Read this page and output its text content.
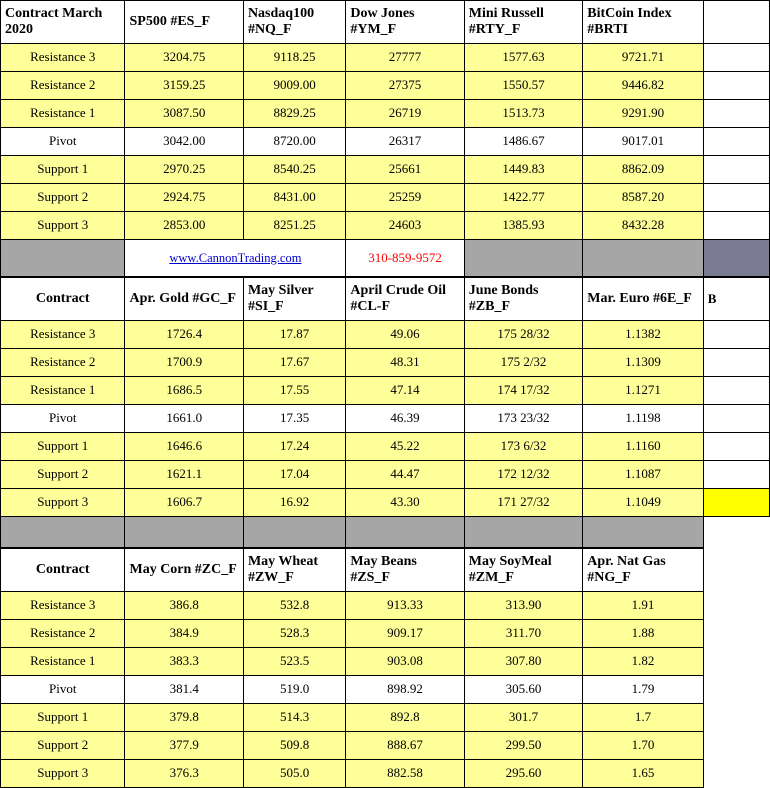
Contract March 2020	SP500 #ES_F	Nasdaq100 #NQ_F	Dow Jones #YM_F	Mini Russell #RTY_F	BitCoin Index #BRTI	
Resistance 3	3204.75	9118.25	27777	1577.63	9721.71	
Resistance 2	3159.25	9009.00	27375	1550.57	9446.82	
Resistance 1	3087.50	8829.25	26719	1513.73	9291.90	
Pivot	3042.00	8720.00	26317	1486.67	9017.01	
Support 1	2970.25	8540.25	25661	1449.83	8862.09	
Support 2	2924.75	8431.00	25259	1422.77	8587.20	
Support 3	2853.00	8251.25	24603	1385.93	8432.28	
	www.CannonTrading.com		310-859-9572			
Contract	Apr. Gold #GC_F	May Silver #SI_F	April Crude Oil #CL-F	June Bonds #ZB_F	Mar. Euro #6E_F	B
Resistance 3	1726.4	17.87	49.06	175 28/32	1.1382	
Resistance 2	1700.9	17.67	48.31	175 2/32	1.1309	
Resistance 1	1686.5	17.55	47.14	174 17/32	1.1271	
Pivot	1661.0	17.35	46.39	173 23/32	1.1198	
Support 1	1646.6	17.24	45.22	173 6/32	1.1160	
Support 2	1621.1	17.04	44.47	172 12/32	1.1087	
Support 3	1606.7	16.92	43.30	171 27/32	1.1049	

Contract	May Corn #ZC_F	May Wheat #ZW_F	May Beans #ZS_F	May SoyMeal #ZM_F	Apr. Nat Gas #NG_F	
Resistance 3	386.8	532.8	913.33	313.90	1.91	
Resistance 2	384.9	528.3	909.17	311.70	1.88	
Resistance 1	383.3	523.5	903.08	307.80	1.82	
Pivot	381.4	519.0	898.92	305.60	1.79	
Support 1	379.8	514.3	892.8	301.7	1.7	
Support 2	377.9	509.8	888.67	299.50	1.70	
Support 3	376.3	505.0	882.58	295.60	1.65	
